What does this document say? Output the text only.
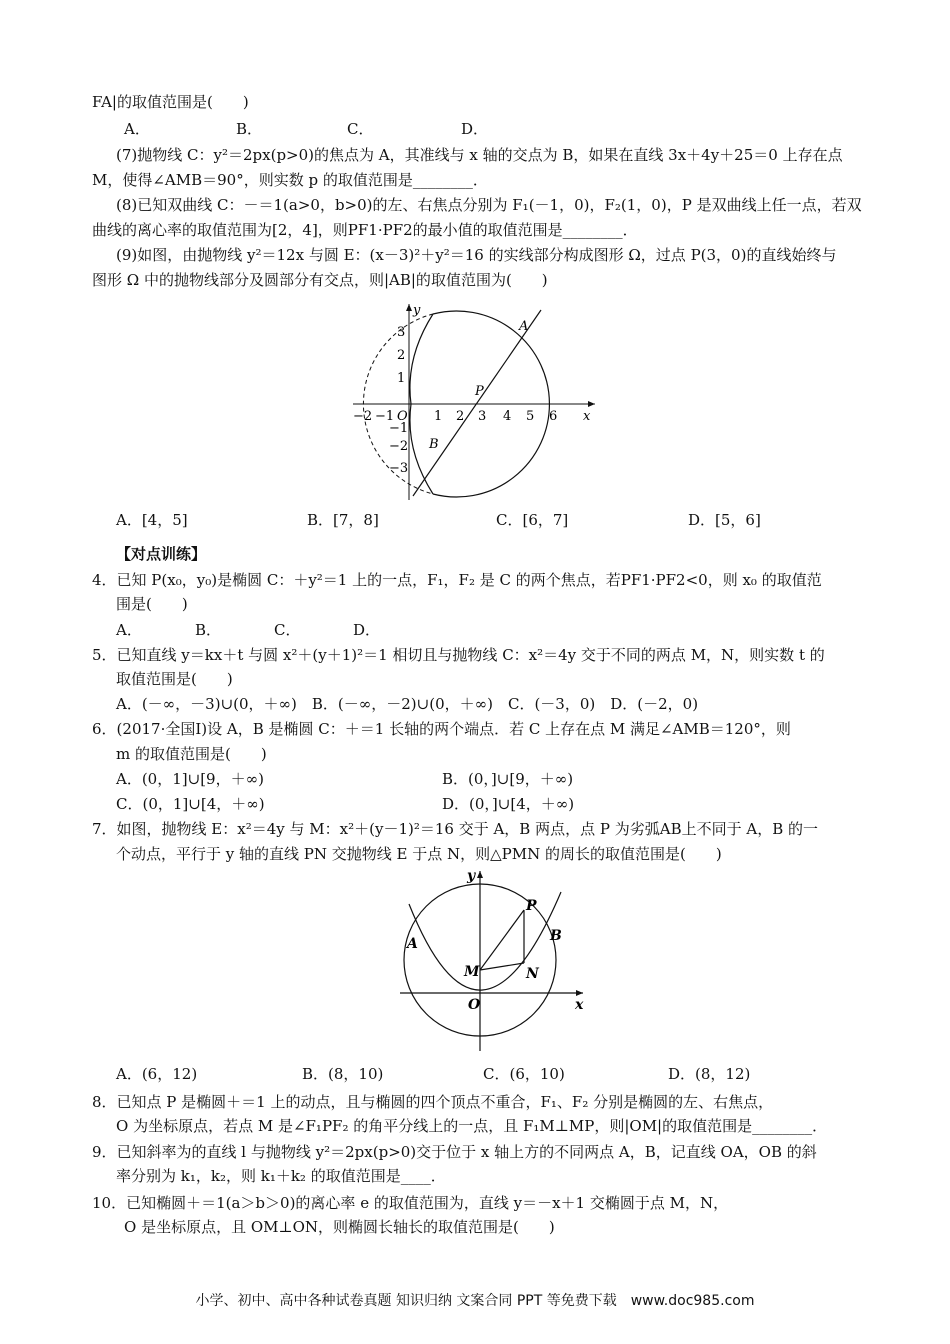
FA|的取值范围是(　　)
A．	B．	C．	D．
(7)抛物线 C：y²＝2px(p>0)的焦点为 A，其准线与 x 轴的交点为 B，如果在直线 3x＋4y＋25＝0 上存在点
M，使得∠AMB＝90°，则实数 p 的取值范围是________．
(8)已知双曲线 C：－＝1(a>0，b>0)的左、右焦点分别为 F₁(－1，0)，F₂(1，0)，P 是双曲线上任一点，若双
曲线的离心率的取值范围为[2，4]，则PF1·PF2的最小值的取值范围是________．
(9)如图，由抛物线 y²＝12x 与圆 E：(x－3)²＋y²＝16 的实线部分构成图形 Ω，过点 P(3，0)的直线始终与
图形 Ω 中的抛物线部分及圆部分有交点，则|AB|的取值范围为(　　)
x
y
O
−2 −1	1 2 3 4 5 6
3
2
1
−1
−2
−3
A
B
P
A．[4，5]	B．[7，8]	C．[6，7]	D．[5，6]
【对点训练】
4．已知 P(x₀，y₀)是椭圆 C：＋y²＝1 上的一点，F₁，F₂ 是 C 的两个焦点，若PF1·PF2<0，则 x₀ 的取值范
围是(　　)
A．	B．	C．	D．
5．已知直线 y＝kx＋t 与圆 x²＋(y＋1)²＝1 相切且与抛物线 C：x²＝4y 交于不同的两点 M，N，则实数 t 的
取值范围是(　　)
A．(－∞，－3)∪(0，＋∞)　B．(－∞，－2)∪(0，＋∞)　C．(－3，0)　D．(－2，0)
6．(2017·全国Ⅰ)设 A，B 是椭圆 C：＋＝1 长轴的两个端点．若 C 上存在点 M 满足∠AMB＝120°，则
m 的取值范围是(　　)
A．(0，1]∪[9，＋∞)	B．(0，]∪[9，＋∞)
C．(0，1]∪[4，＋∞)	D．(0，]∪[4，＋∞)
7．如图，抛物线 E：x²＝4y 与 M：x²＋(y－1)²＝16 交于 A，B 两点，点 P 为劣弧AB上不同于 A，B 的一
个动点，平行于 y 轴的直线 PN 交抛物线 E 于点 N，则△PMN 的周长的取值范围是(　　)
x
y
O
A	B
P
M	N
A．(6，12)	B．(8，10)	C．(6，10)	D．(8，12)
8．已知点 P 是椭圆＋＝1 上的动点，且与椭圆的四个顶点不重合，F₁、F₂ 分别是椭圆的左、右焦点，
O 为坐标原点，若点 M 是∠F₁PF₂ 的角平分线上的一点，且 F₁M⊥MP，则|OM|的取值范围是________．
9．已知斜率为的直线 l 与抛物线 y²＝2px(p>0)交于位于 x 轴上方的不同两点 A，B，记直线 OA，OB 的斜
率分别为 k₁，k₂，则 k₁＋k₂ 的取值范围是____．
10．已知椭圆＋＝1(a＞b＞0)的离心率 e 的取值范围为，直线 y＝－x＋1 交椭圆于点 M，N，
O 是坐标原点，且 OM⊥ON，则椭圆长轴长的取值范围是(　　)
小学、初中、高中各种试卷真题 知识归纳 文案合同 PPT 等免费下载　www.doc985.com
